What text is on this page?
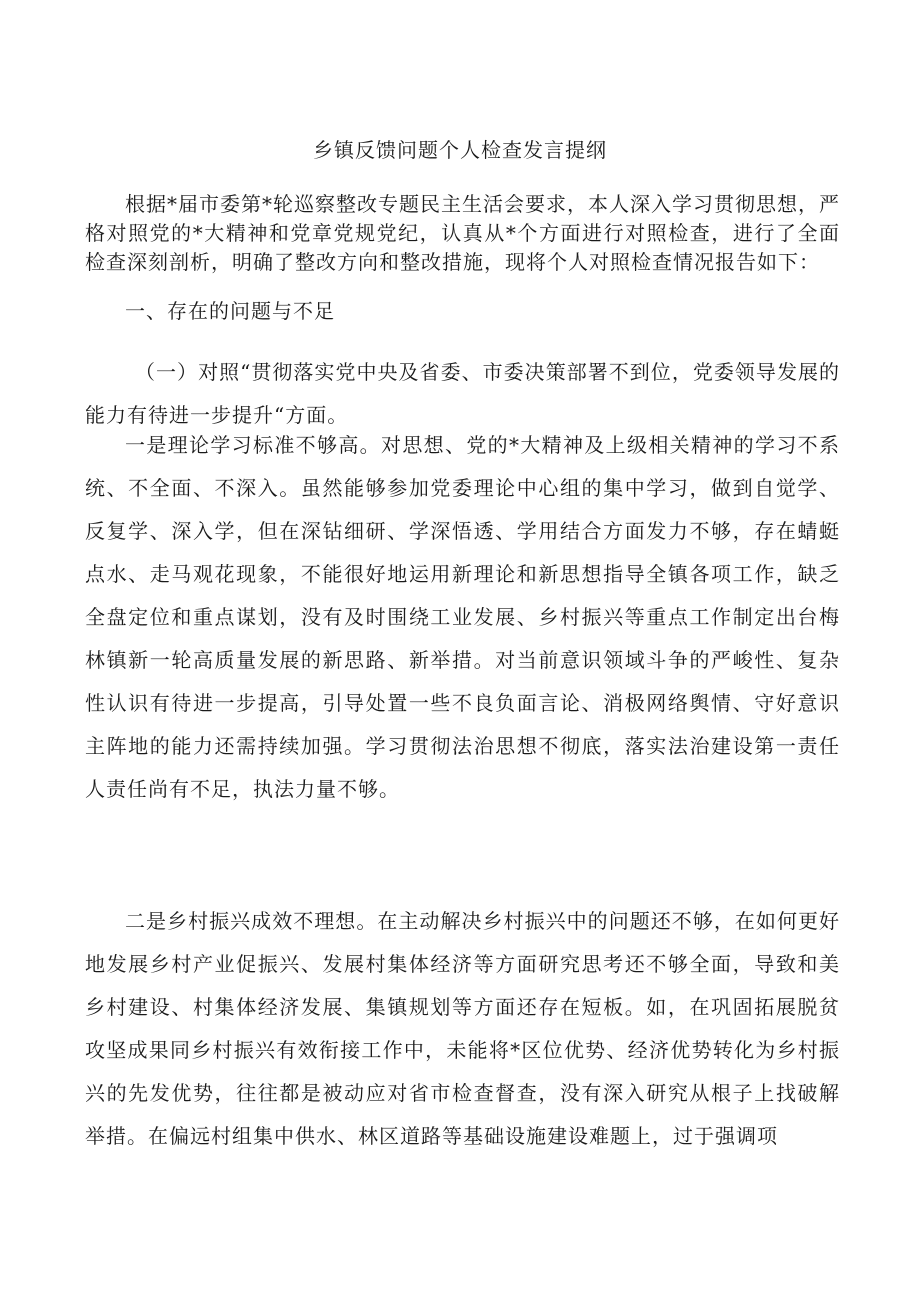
乡镇反馈问题个人检查发言提纲

根据*届市委第*轮巡察整改专题民主生活会要求，本人深入学习贯彻思想，严格对照党的*大精神和党章党规党纪，认真从*个方面进行对照检查，进行了全面检查深刻剖析，明确了整改方向和整改措施，现将个人对照检查情况报告如下：

一、存在的问题与不足

（一）对照“贯彻落实党中央及省委、市委决策部署不到位，党委领导发展的能力有待进一步提升“方面。

一是理论学习标准不够高。对思想、党的*大精神及上级相关精神的学习不系统、不全面、不深入。虽然能够参加党委理论中心组的集中学习，做到自觉学、反复学、深入学，但在深钻细研、学深悟透、学用结合方面发力不够，存在蜻蜓点水、走马观花现象，不能很好地运用新理论和新思想指导全镇各项工作，缺乏全盘定位和重点谋划，没有及时围绕工业发展、乡村振兴等重点工作制定出台梅林镇新一轮高质量发展的新思路、新举措。对当前意识领域斗争的严峻性、复杂性认识有待进一步提高，引导处置一些不良负面言论、消极网络舆情、守好意识主阵地的能力还需持续加强。学习贯彻法治思想不彻底，落实法治建设第一责任人责任尚有不足，执法力量不够。

二是乡村振兴成效不理想。在主动解决乡村振兴中的问题还不够，在如何更好地发展乡村产业促振兴、发展村集体经济等方面研究思考还不够全面，导致和美乡村建设、村集体经济发展、集镇规划等方面还存在短板。如，在巩固拓展脱贫攻坚成果同乡村振兴有效衔接工作中，未能将*区位优势、经济优势转化为乡村振兴的先发优势，往往都是被动应对省市检查督查，没有深入研究从根子上找破解举措。在偏远村组集中供水、林区道路等基础设施建设难题上，过于强调项
